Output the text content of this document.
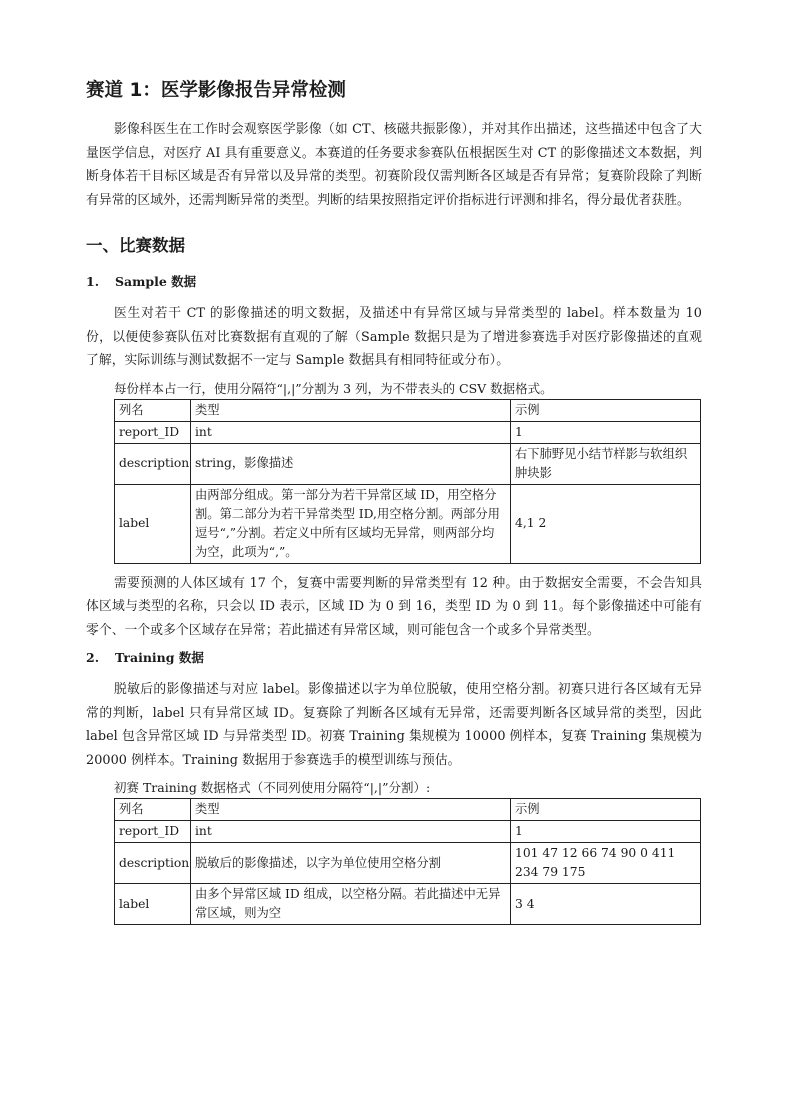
赛道 1：医学影像报告异常检测

影像科医生在工作时会观察医学影像（如 CT、核磁共振影像），并对其作出描述，这些描述中包含了大量医学信息，对医疗 AI 具有重要意义。本赛道的任务要求参赛队伍根据医生对 CT 的影像描述文本数据，判断身体若干目标区域是否有异常以及异常的类型。初赛阶段仅需判断各区域是否有异常；复赛阶段除了判断有异常的区域外，还需判断异常的类型。判断的结果按照指定评价指标进行评测和排名，得分最优者获胜。

一、比赛数据
1.	Sample 数据

医生对若干 CT 的影像描述的明文数据，及描述中有异常区域与异常类型的 label。样本数量为 10 份，以便使参赛队伍对比赛数据有直观的了解（Sample 数据只是为了增进参赛选手对医疗影像描述的直观了解，实际训练与测试数据不一定与 Sample 数据具有相同特征或分布）。

每份样本占一行，使用分隔符“|,|”分割为 3 列，为不带表头的 CSV 数据格式。
列名	类型	示例
report_ID	int	1
description	string，影像描述	右下肺野见小结节样影与软组织肿块影
label	由两部分组成。第一部分为若干异常区域 ID，用空格分割。第二部分为若干异常类型 ID,用空格分割。两部分用逗号“,”分割。若定义中所有区域均无异常，则两部分均为空，此项为“,”。	4,1 2

需要预测的人体区域有 17 个，复赛中需要判断的异常类型有 12 种。由于数据安全需要，不会告知具体区域与类型的名称，只会以 ID 表示，区域 ID 为 0 到 16，类型 ID 为 0 到 11。每个影像描述中可能有零个、一个或多个区域存在异常；若此描述有异常区域，则可能包含一个或多个异常类型。

2.	Training 数据

脱敏后的影像描述与对应 label。影像描述以字为单位脱敏，使用空格分割。初赛只进行各区域有无异常的判断，label 只有异常区域 ID。复赛除了判断各区域有无异常，还需要判断各区域异常的类型，因此 label 包含异常区域 ID 与异常类型 ID。初赛 Training 集规模为 10000 例样本，复赛 Training 集规模为 20000 例样本。Training 数据用于参赛选手的模型训练与预估。

初赛 Training 数据格式（不同列使用分隔符“|,|”分割）:
列名	类型	示例
report_ID	int	1
description	脱敏后的影像描述，以字为单位使用空格分割	101 47 12 66 74 90 0 411 234 79 175
label	由多个异常区域 ID 组成，以空格分隔。若此描述中无异常区域，则为空	3 4
